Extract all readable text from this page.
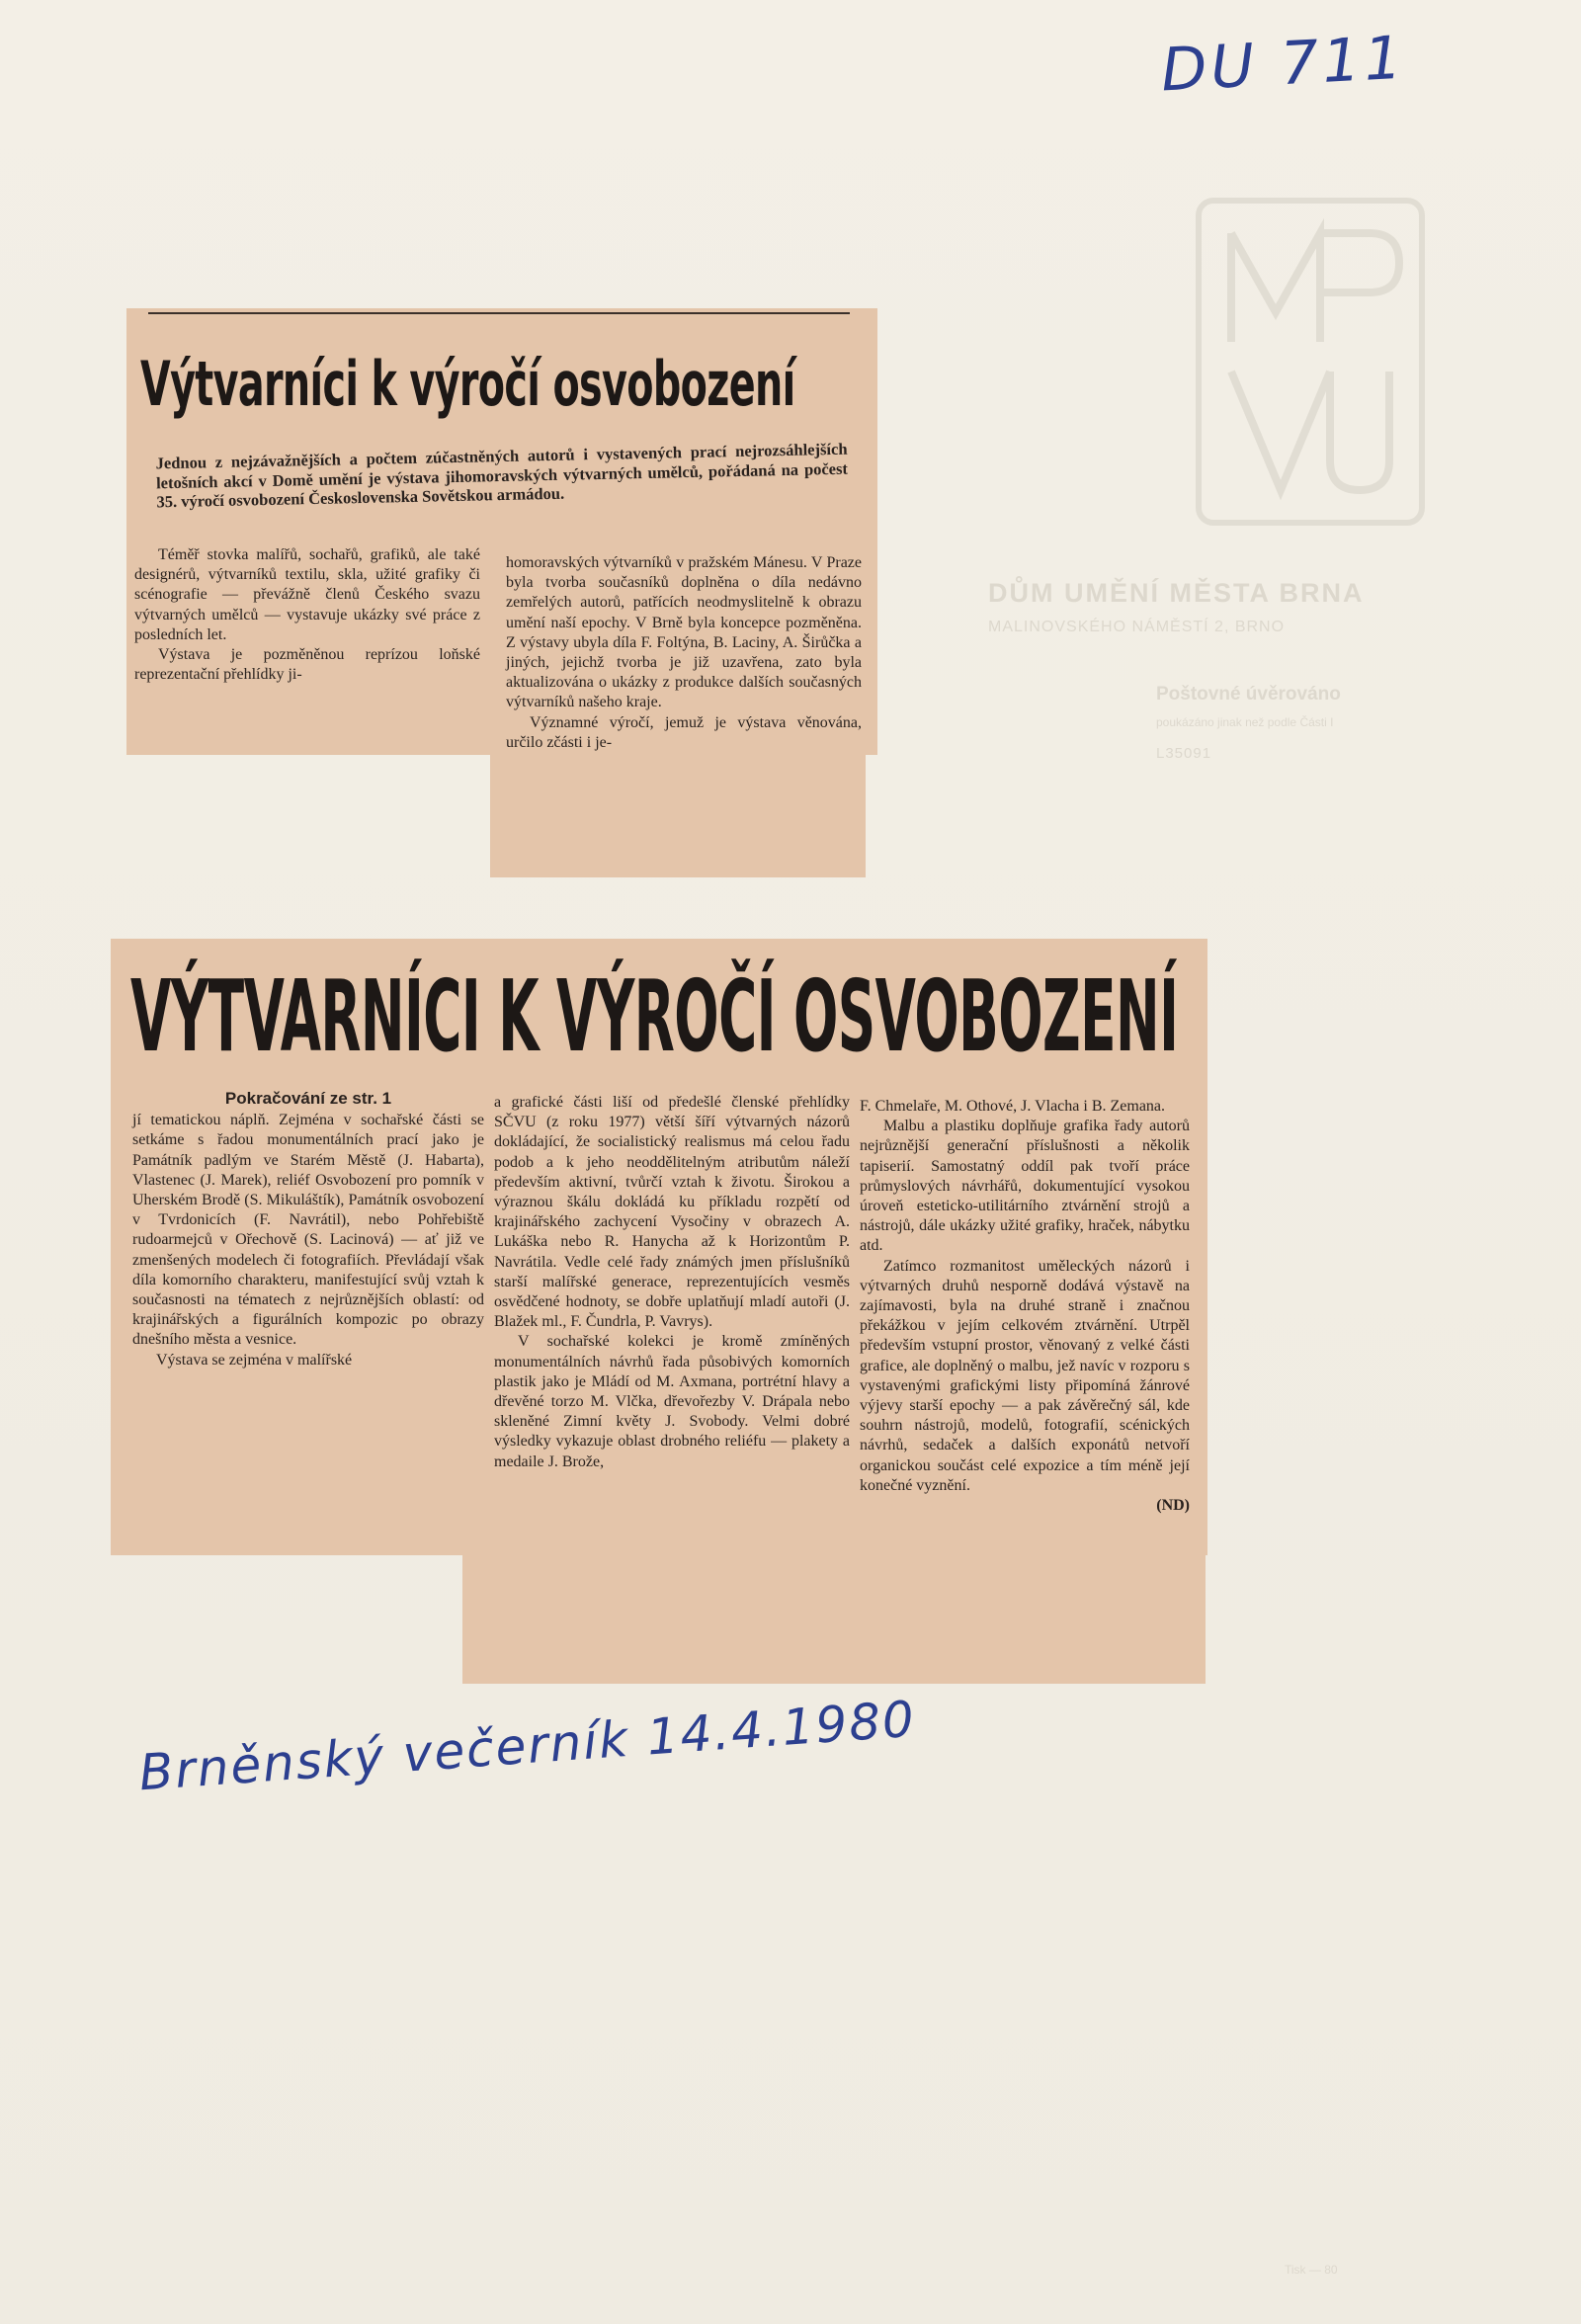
DU 711
DŮM UMĚNÍ MĚSTA BRNA
MALINOVSKÉHO NÁMĚSTÍ 2, BRNO
Poštovné úvěrováno
poukázáno jinak než podle Části I
L35091
Výtvarníci k výročí osvobození
Jednou z nejzávažnějších a počtem zúčastněných autorů i vystavených prací nejrozsáhlejších letošních akcí v Domě umění je výstava jihomoravských výtvarných umělců, pořádaná na počest 35. výročí osvobození Československa Sovětskou armádou.
Téměř stovka malířů, sochařů, grafiků, ale také designérů, výtvarníků textilu, skla, užité grafiky či scénografie — převážně členů Českého svazu výtvarných umělců — vystavuje ukázky své práce z posledních let.
Výstava je pozměněnou reprízou loňské reprezentační přehlídky ji-
homoravských výtvarníků v pražském Mánesu. V Praze byla tvorba současníků doplněna o díla nedávno zemřelých autorů, patřících neodmyslitelně k obrazu umění naší epochy. V Brně byla koncepce pozměněna. Z výstavy ubyla díla F. Foltýna, B. Laciny, A. Širůčka a jiných, jejichž tvorba je již uzavřena, zato byla aktualizována o ukázky z produkce dalších současných výtvarníků našeho kraje.
Významné výročí, jemuž je výstava věnována, určilo zčásti i je-
VÝTVARNÍCI K VÝROČÍ OSVOBOZENÍ
Pokračování ze str. 1
jí tematickou náplň. Zejména v sochařské části se setkáme s řadou monumentálních prací jako je Památník padlým ve Starém Městě (J. Habarta), Vlastenec (J. Marek), reliéf Osvobození pro pomník v Uherském Brodě (S. Mikuláštík), Památník osvobození v Tvrdonicích (F. Navrátil), nebo Pohřebiště rudoarmejců v Ořechově (S. Lacinová) — ať již ve zmenšených modelech či fotografiích. Převládají však díla komorního charakteru, manifestující svůj vztah k současnosti na tématech z nejrůznějších oblastí: od krajinářských a figurálních kompozic po obrazy dnešního města a vesnice.
Výstava se zejména v malířské
a grafické části liší od předešlé členské přehlídky SČVU (z roku 1977) větší šíří výtvarných názorů dokládající, že socialistický realismus má celou řadu podob a k jeho neoddělitelným atributům náleží především aktivní, tvůrčí vztah k životu. Širokou a výraznou škálu dokládá ku příkladu rozpětí od krajinářského zachycení Vysočiny v obrazech A. Lukáška nebo R. Hanycha až k Horizontům P. Navrátila. Vedle celé řady známých jmen příslušníků starší malířské generace, reprezentujících vesměs osvědčené hodnoty, se dobře uplatňují mladí autoři (J. Blažek ml., F. Čundrla, P. Vavrys).
V sochařské kolekci je kromě zmíněných monumentálních návrhů řada působivých komorních plastik jako je Mládí od M. Axmana, portrétní hlavy a dřevěné torzo M. Vlčka, dřevořezby V. Drápala nebo skleněné Zimní květy J. Svobody. Velmi dobré výsledky vykazuje oblast drobného reliéfu — plakety a medaile J. Brože,
F. Chmelaře, M. Othové, J. Vlacha i B. Zemana.
Malbu a plastiku doplňuje grafika řady autorů nejrůznější generační příslušnosti a několik tapiserií. Samostatný oddíl pak tvoří práce průmyslových návrhářů, dokumentující vysokou úroveň esteticko-utilitárního ztvárnění strojů a nástrojů, dále ukázky užité grafiky, hraček, nábytku atd.
Zatímco rozmanitost uměleckých názorů i výtvarných druhů nesporně dodává výstavě na zajímavosti, byla na druhé straně i značnou překážkou v jejím celkovém ztvárnění. Utrpěl především vstupní prostor, věnovaný z velké části grafice, ale doplněný o malbu, jež navíc v rozporu s vystavenými grafickými listy připomíná žánrové výjevy starší epochy — a pak závěrečný sál, kde souhrn nástrojů, modelů, fotografií, scénických návrhů, sedaček a dalších exponátů netvoří organickou součást celé expozice a tím méně její konečné vyznění.
(ND)
Brněnský večerník 14.4.1980
Tisk — 80
